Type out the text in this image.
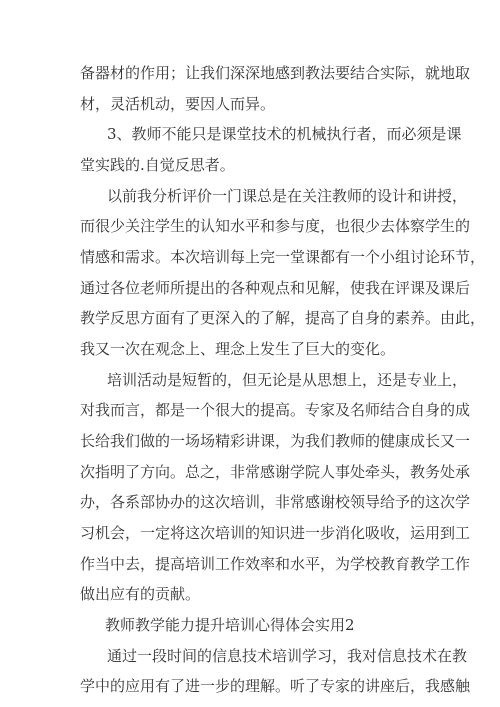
备器材的作用；让我们深深地感到教法要结合实际，就地取
材，灵活机动，要因人而异。
3、教师不能只是课堂技术的机械执行者，而必须是课
堂实践的.自觉反思者。
以前我分析评价一门课总是在关注教师的设计和讲授，
而很少关注学生的认知水平和参与度，也很少去体察学生的
情感和需求。本次培训每上完一堂课都有一个小组讨论环节，
通过各位老师所提出的各种观点和见解，使我在评课及课后
教学反思方面有了更深入的了解，提高了自身的素养。由此，
我又一次在观念上、理念上发生了巨大的变化。
培训活动是短暂的，但无论是从思想上，还是专业上，
对我而言，都是一个很大的提高。专家及名师结合自身的成
长给我们做的一场场精彩讲课，为我们教师的健康成长又一
次指明了方向。总之，非常感谢学院人事处牵头，教务处承
办，各系部协办的这次培训，非常感谢校领导给予的这次学
习机会，一定将这次培训的知识进一步消化吸收，运用到工
作当中去，提高培训工作效率和水平，为学校教育教学工作
做出应有的贡献。
教师教学能力提升培训心得体会实用2
通过一段时间的信息技术培训学习，我对信息技术在教
学中的应用有了进一步的理解。听了专家的讲座后，我感触
